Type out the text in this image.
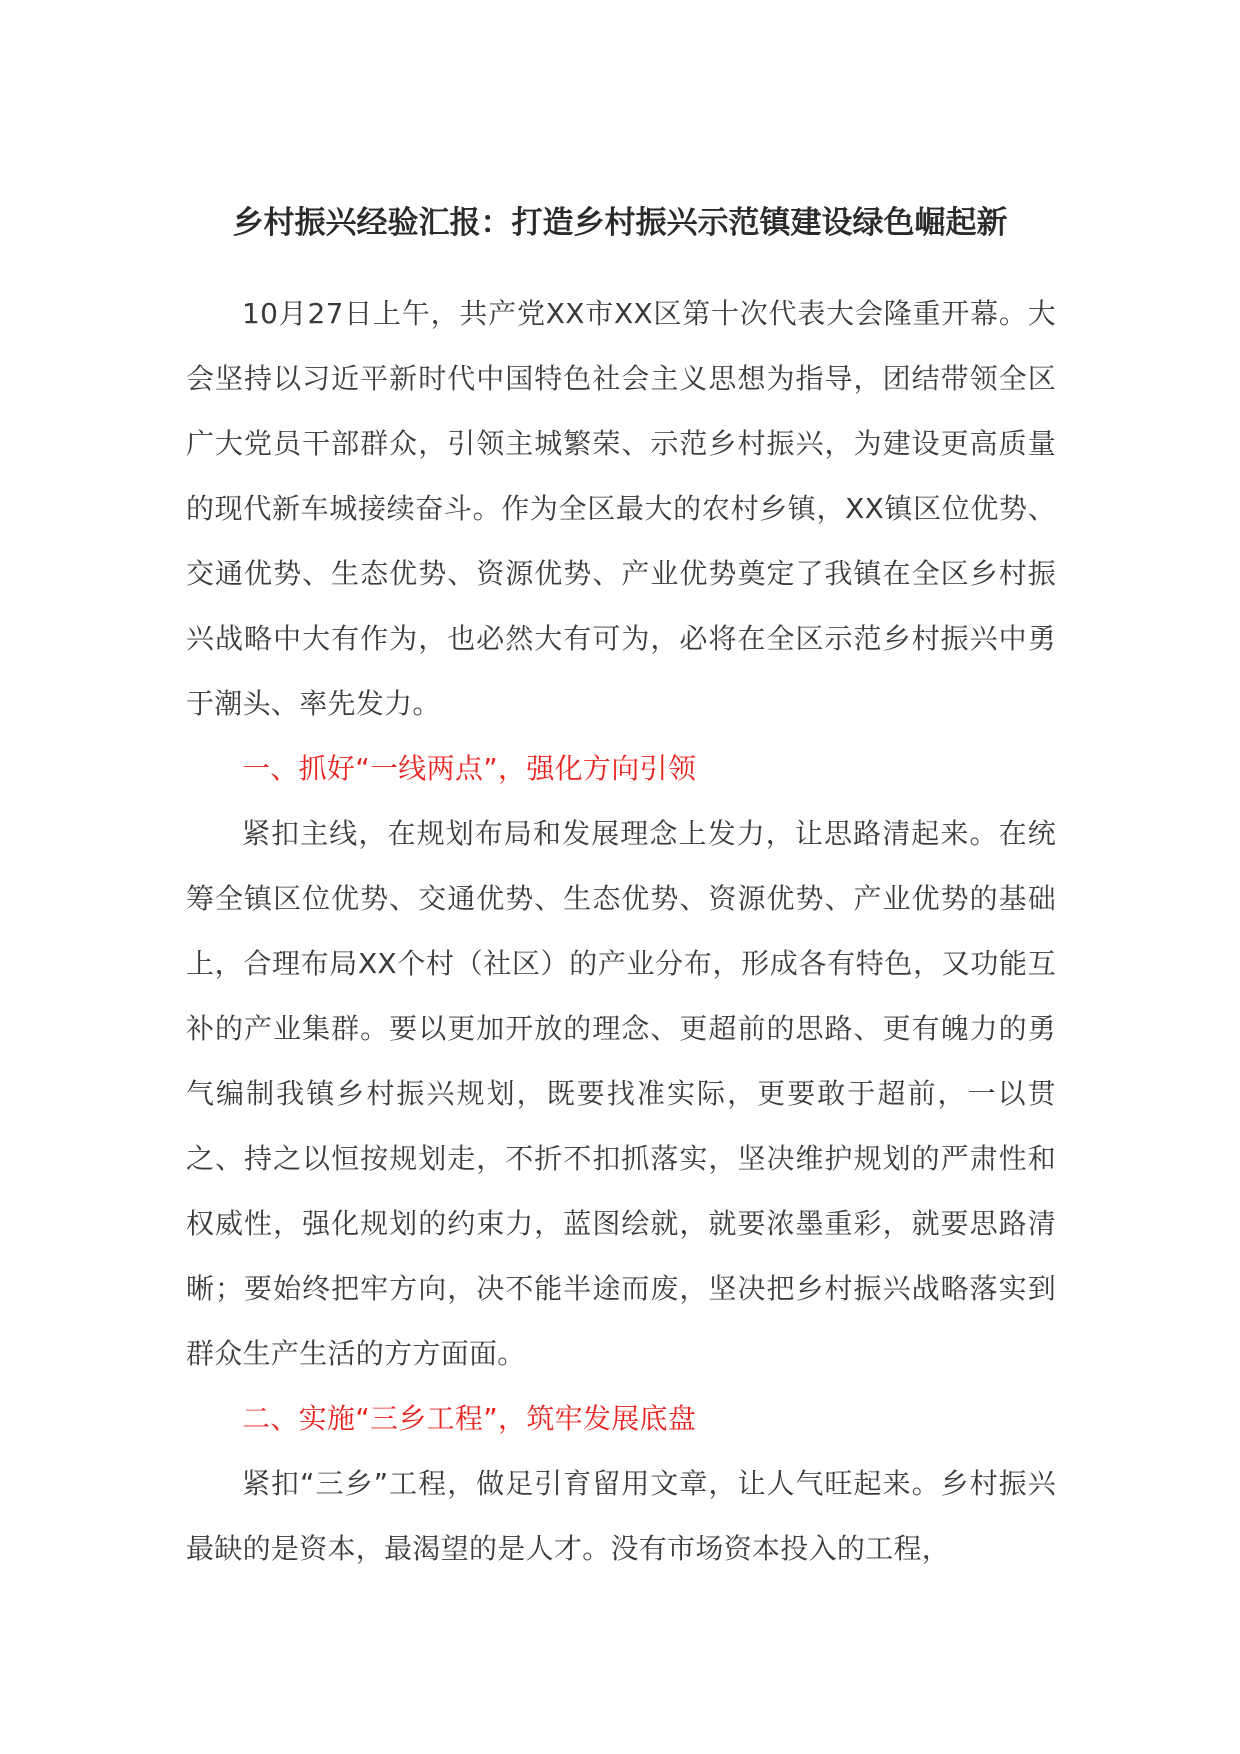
乡村振兴经验汇报：打造乡村振兴示范镇建设绿色崛起新

10月27日上午，共产党XX市XX区第十次代表大会隆重开幕。大会坚持以习近平新时代中国特色社会主义思想为指导，团结带领全区广大党员干部群众，引领主城繁荣、示范乡村振兴，为建设更高质量的现代新车城接续奋斗。作为全区最大的农村乡镇，XX镇区位优势、交通优势、生态优势、资源优势、产业优势奠定了我镇在全区乡村振兴战略中大有作为，也必然大有可为，必将在全区示范乡村振兴中勇于潮头、率先发力。

一、抓好“一线两点”，强化方向引领

紧扣主线，在规划布局和发展理念上发力，让思路清起来。在统筹全镇区位优势、交通优势、生态优势、资源优势、产业优势的基础上，合理布局XX个村（社区）的产业分布，形成各有特色，又功能互补的产业集群。要以更加开放的理念、更超前的思路、更有魄力的勇气编制我镇乡村振兴规划，既要找准实际，更要敢于超前，一以贯之、持之以恒按规划走，不折不扣抓落实，坚决维护规划的严肃性和权威性，强化规划的约束力，蓝图绘就，就要浓墨重彩，就要思路清晰；要始终把牢方向，决不能半途而废，坚决把乡村振兴战略落实到群众生产生活的方方面面。

二、实施“三乡工程”，筑牢发展底盘

紧扣“三乡”工程，做足引育留用文章，让人气旺起来。乡村振兴最缺的是资本，最渴望的是人才。没有市场资本投入的工程，
